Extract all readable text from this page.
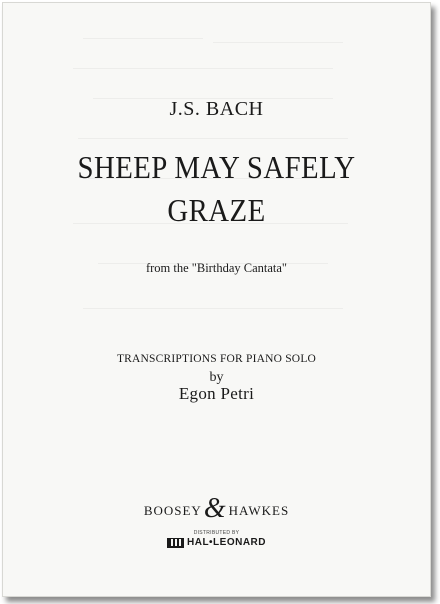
J.S. BACH
SHEEP MAY SAFELY
GRAZE
from the "Birthday Cantata"
TRANSCRIPTIONS FOR PIANO SOLO
by
Egon Petri
BOOSEY & HAWKES
DISTRIBUTED BY
HAL•LEONARD
